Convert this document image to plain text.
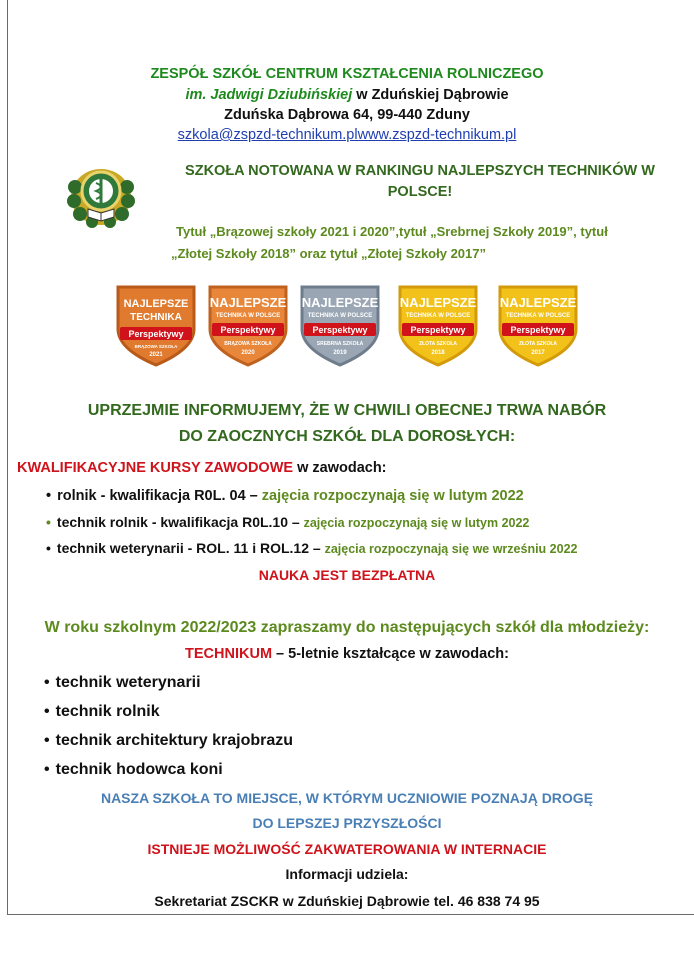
ZESPÓŁ SZKÓŁ CENTRUM KSZTAŁCENIA ROLNICZEGO
im. Jadwigi Dziubińskiej w Zduńskiej Dąbrowie
Zduńska Dąbrowa 64, 99-440 Zduny
szkola@zspzd-technikum.plwww.zspzd-technikum.pl
SZKOŁA NOTOWANA W RANKINGU NAJLEPSZYCH TECHNIKÓW W
POLSCE!
Tytuł „Brązowej szkoły 2021 i 2020”,tytuł „Srebrnej Szkoły 2019”, tytuł
„Złotej Szkoły 2018” oraz tytuł „Złotej Szkoły 2017”
NAJLEPSZE
TECHNIKA
Perspektywy
BRĄZOWA SZKOŁA
2021
NAJLEPSZE
TECHNIKA W POLSCE
Perspektywy
BRĄZOWA SZKOŁA
2020
NAJLEPSZE
TECHNIKA W POLSCE
Perspektywy
SREBRNA SZKOŁA
2019
NAJLEPSZE
TECHNIKA W POLSCE
Perspektywy
ZŁOTA SZKOŁA
2018
NAJLEPSZE
TECHNIKA W POLSCE
Perspektywy
ZŁOTA SZKOŁA
2017
UPRZEJMIE INFORMUJEMY, ŻE W CHWILI OBECNEJ TRWA NABÓR
DO ZAOCZNYCH SZKÓŁ DLA DOROSŁYCH:
KWALIFIKACYJNE KURSY ZAWODOWE w zawodach:
• rolnik - kwalifikacja R0L. 04 – zajęcia rozpoczynają się w lutym 2022
• technik rolnik - kwalifikacja R0L.10 – zajęcia rozpoczynają się w lutym 2022
• technik weterynarii - ROL. 11 i ROL.12 – zajęcia rozpoczynają się we wrześniu 2022
NAUKA JEST BEZPŁATNA
W roku szkolnym 2022/2023 zapraszamy do następujących szkół dla młodzieży:
TECHNIKUM – 5-letnie kształcące w zawodach:
• technik weterynarii
• technik rolnik
• technik architektury krajobrazu
• technik hodowca koni
NASZA SZKOŁA TO MIEJSCE, W KTÓRYM UCZNIOWIE POZNAJĄ DROGĘ
DO LEPSZEJ PRZYSZŁOŚCI
ISTNIEJE MOŻLIWOŚĆ ZAKWATEROWANIA W INTERNACIE
Informacji udziela:
Sekretariat ZSCKR w Zduńskiej Dąbrowie tel. 46 838 74 95
